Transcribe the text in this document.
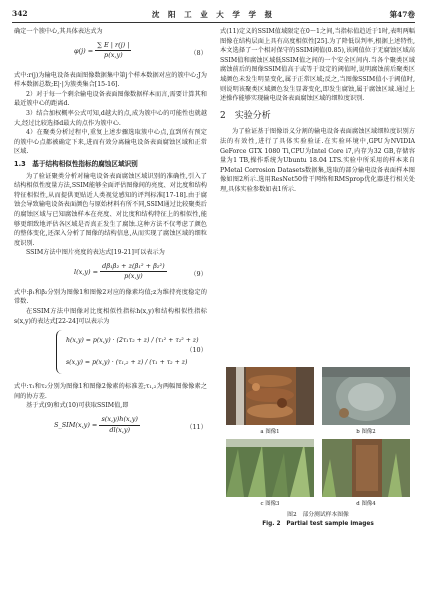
342	沈 阳 工 业 大 学 学 报	第47卷

确定一个簇中心,其具体表达式为

$\varphi(j) = \frac{\sum E | r(j) |}{p(x,y)}$	（8）

式中:r(j)为输电设备表面图像数据集中第j个样本数据对应的簇中心;J为样本数据总数;E|·|为簇类集合[15-16].

2）对于每一个剩余输电设备表面图像数据样本而言,需要计算其和最近簇中心的距离d.

3）结合加权概率公式可知,d越大的点,成为簇中心的可能性也就越大,经过比较选择d最大的点作为簇中心.

4）在聚类分析过程中,重复上述步骤选取簇中心点,直到所有预定的簇中心点都被确定下来,进而有效分离输电设备表面腐蚀区域和正常区域.

1.3　基于结构相似性指标的腐蚀区域识别

为了验证聚类分析对输电设备表面腐蚀区域识别的准确性,引入了结构相似性度量方法,SSIM能够全面评估图像间的亮度、对比度和结构特征相似性,从而提供更贴近人类视觉感知的评判标准[17-18].由于腐蚀会导致输电设备表面颜色与原始材料有所不同,SSIM通过比较聚类后的腐蚀区域与已知腐蚀样本在亮度、对比度和结构特征上的相似性,能够更细致地评估各区域是否真正发生了腐蚀.这种方法不仅考虑了颜色的整体变化,还深入分析了图像的结构信息,从而实现了腐蚀区域的细粒度识别.

SSIM方法中图片亮度的表达式[19-21]可以表示为

$l(x,y) = \frac{\text{dβ₁β₂ + z(β₁² + β₂²)}}{p(x,y)}$	（9）

式中:β₁和β₂分别为图像1和图像2对应的像素均值;z为维持亮度稳定的常数.

在SSIM方法中图像对比度相似性指标h(x,y)和结构相似性指标s(x,y)的表达式[22-24]可以表示为

h(x,y) = p(x,y) · (2τ₁τ₂ + z) / (τ₁² + τ₂² + z)
s(x,y) = p(x,y) · (τ₁,₂ + z) / (τ₁ + τ₂ + z)
（10）

式中:τ₁和τ₂分别为图像1和图像2像素的标准差;τ₁,₂为两幅图像像素之间的协方差.

基于式(9)和式(10)可获取SSIM值,即

S_SIM(x,y) = $\frac{s(x,y)h(x,y)}{dl(x,y)}$	（11）

式(11)定义的SSIM值域限定在0～1之间,当指标值趋近于1时,表明两幅图像在结构层面上具有高度相似性[25].为了降低误判率,根据上述特性,本文选择了一个相对保守的SSIM阈值(0.85),该阈值位于无腐蚀区域高SSIM值和腐蚀区域低SSIM值之间的一个安全区间内.当各个聚类区域腐蚀前后的图像SSIM值高于或等于设定的阈值时,说明腐蚀前后聚类区域颜色未发生明显变化,属于正常区域;反之,当图像SSIM值小于阈值时,则说明该聚类区域颜色发生显著变化,即发生腐蚀,属于腐蚀区域.通过上述操作能够实现输电设备表面腐蚀区域的细粒度识别.

2　实验分析

为了验证基于图像语义分割的输电设备表面腐蚀区域细粒度识别方法的有效性,进行了具体实验验证.在实验环境中,GPU为NVIDIA GeForce GTX 1080 Ti,CPU为Intel Core i7,内存为32 GB,存储容量为1 TB,操作系统为Ubuntu 18.04 LTS.实验中所采用的样本来自PMetal Corrosion Datasets数据集,选取的部分输电设备表面样本图像如图2所示.选用ResNet50骨干网络和RMSprop优化器进行相关处理,具体实验参数如表1所示.

a 图像1	b 图像2
c 图像3	d 图像4
图2　部分测试样本图像
Fig. 2　Partial test sample images
